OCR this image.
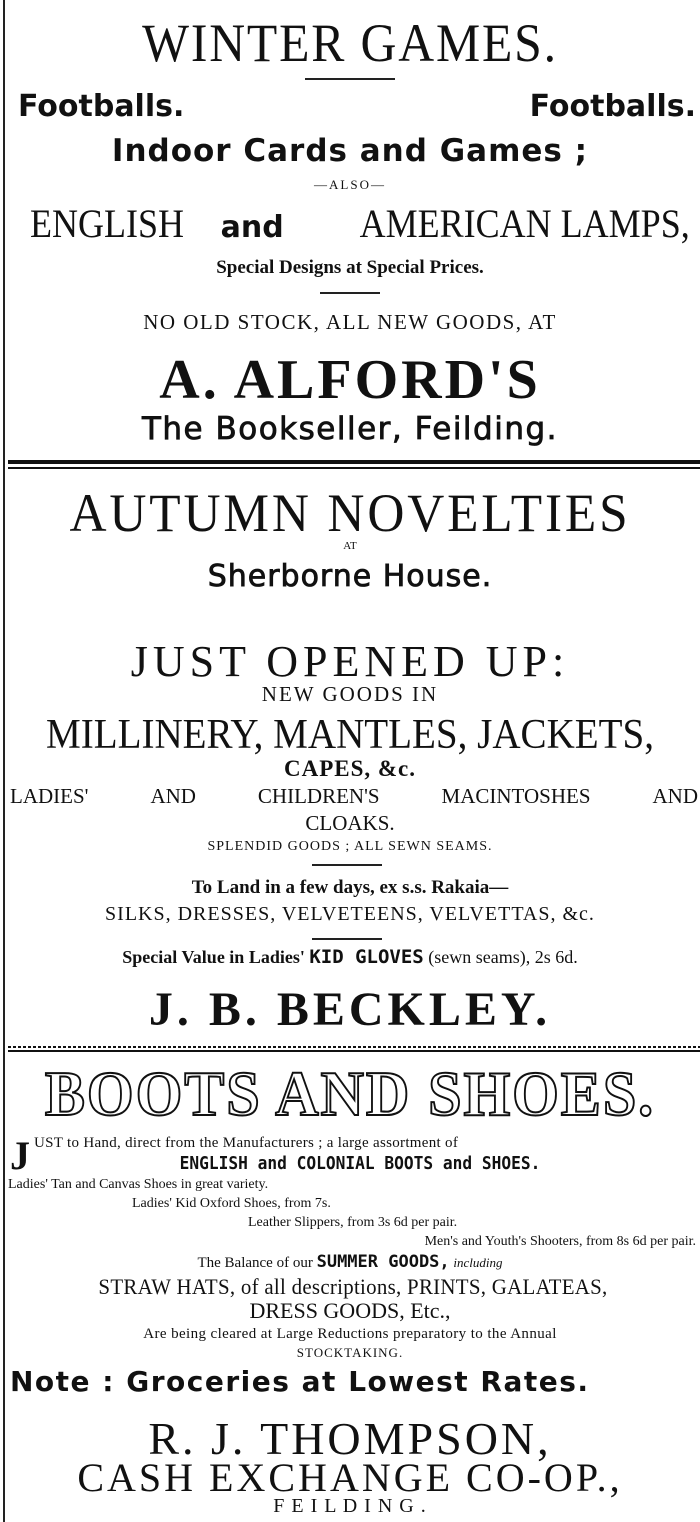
WINTER GAMES.
Footballs.	Footballs.
Indoor Cards and Games ;
—ALSO—
ENGLISH and AMERICAN LAMPS,
Special Designs at Special Prices.
NO OLD STOCK, ALL NEW GOODS, AT
A. ALFORD'S
The Bookseller, Feilding.
AUTUMN NOVELTIES
AT
Sherborne House.
JUST OPENED UP:
NEW GOODS IN
MILLINERY, MANTLES, JACKETS,
CAPES, &c.
LADIES'	AND	CHILDREN'S	MACINTOSHES	AND
CLOAKS.
SPLENDID GOODS ; ALL SEWN SEAMS.
To Land in a few days, ex s.s. Rakaia—
SILKS, DRESSES, VELVETEENS, VELVETTAS, &c.
Special Value in Ladies' KID GLOVES (sewn seams), 2s 6d.
J. B. BECKLEY.
BOOTS AND SHOES.
J UST to Hand, direct from the Manufacturers ; a large assortment of
ENGLISH and COLONIAL BOOTS and SHOES.
Ladies' Tan and Canvas Shoes in great variety.
Ladies' Kid Oxford Shoes, from 7s.
Leather Slippers, from 3s 6d per pair.
Men's and Youth's Shooters, from 8s 6d per pair.
The Balance of our SUMMER GOODS, including
STRAW HATS, of all descriptions, PRINTS, GALATEAS,
DRESS GOODS, Etc.,
Are being cleared at Large Reductions preparatory to the Annual
STOCKTAKING.
Note : Groceries at Lowest Rates.
R. J. THOMPSON,
CASH EXCHANGE CO-OP.,
F E I L D I N G .
